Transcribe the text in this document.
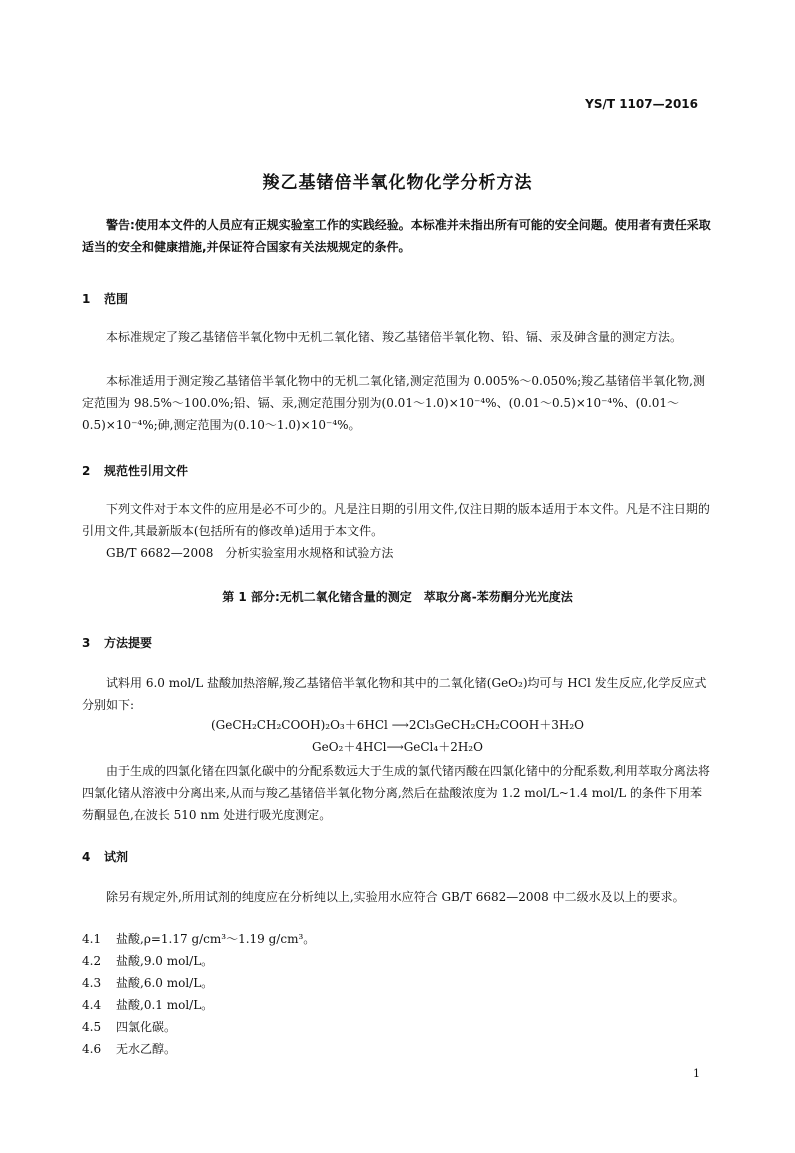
YS/T 1107—2016
羧乙基锗倍半氧化物化学分析方法
警告:使用本文件的人员应有正规实验室工作的实践经验。本标准并未指出所有可能的安全问题。使用者有责任采取适当的安全和健康措施,并保证符合国家有关法规规定的条件。
1 范围
本标准规定了羧乙基锗倍半氧化物中无机二氧化锗、羧乙基锗倍半氧化物、铅、镉、汞及砷含量的测定方法。
本标准适用于测定羧乙基锗倍半氧化物中的无机二氧化锗,测定范围为 0.005%～0.050%;羧乙基锗倍半氧化物,测定范围为 98.5%～100.0%;铅、镉、汞,测定范围分别为(0.01～1.0)×10⁻⁴%、(0.01～0.5)×10⁻⁴%、(0.01～0.5)×10⁻⁴%;砷,测定范围为(0.10～1.0)×10⁻⁴%。
2 规范性引用文件
下列文件对于本文件的应用是必不可少的。凡是注日期的引用文件,仅注日期的版本适用于本文件。凡是不注日期的引用文件,其最新版本(包括所有的修改单)适用于本文件。
GB/T 6682—2008　分析实验室用水规格和试验方法
第 1 部分:无机二氧化锗含量的测定　萃取分离-苯芴酮分光光度法
3 方法提要
试料用 6.0 mol/L 盐酸加热溶解,羧乙基锗倍半氧化物和其中的二氧化锗(GeO₂)均可与 HCl 发生反应,化学反应式分别如下:
(GeCH₂CH₂COOH)₂O₃＋6HCl ⟶2Cl₃GeCH₂CH₂COOH＋3H₂O
GeO₂＋4HCl⟶GeCl₄＋2H₂O
由于生成的四氯化锗在四氯化碳中的分配系数远大于生成的氯代锗丙酸在四氯化锗中的分配系数,利用萃取分离法将四氯化锗从溶液中分离出来,从而与羧乙基锗倍半氧化物分离,然后在盐酸浓度为 1.2 mol/L~1.4 mol/L 的条件下用苯芴酮显色,在波长 510 nm 处进行吸光度测定。
4 试剂
除另有规定外,所用试剂的纯度应在分析纯以上,实验用水应符合 GB/T 6682—2008 中二级水及以上的要求。
4.1 盐酸,ρ=1.17 g/cm³～1.19 g/cm³。
4.2 盐酸,9.0 mol/L。
4.3 盐酸,6.0 mol/L。
4.4 盐酸,0.1 mol/L。
4.5 四氯化碳。
4.6 无水乙醇。
1
